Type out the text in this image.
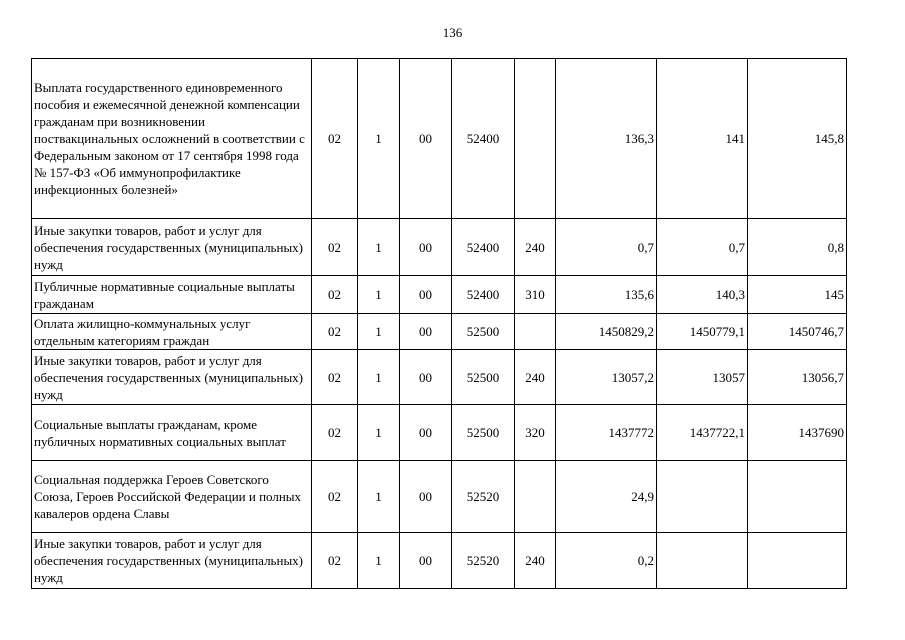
136
Выплата государственного единовременного пособия и ежемесячной денежной компенсации гражданам при возникновении поствакцинальных осложнений в соответствии с Федеральным законом от 17 сентября 1998 года № 157-ФЗ «Об иммунопрофилактике инфекционных болезней»	02	1	00	52400		136,3	141	145,8
Иные закупки товаров, работ и услуг для обеспечения государственных (муниципальных) нужд	02	1	00	52400	240	0,7	0,7	0,8
Публичные нормативные социальные выплаты гражданам	02	1	00	52400	310	135,6	140,3	145
Оплата жилищно-коммунальных услуг отдельным категориям граждан	02	1	00	52500		1450829,2	1450779,1	1450746,7
Иные закупки товаров, работ и услуг для обеспечения государственных (муниципальных) нужд	02	1	00	52500	240	13057,2	13057	13056,7
Социальные выплаты гражданам, кроме публичных нормативных социальных выплат	02	1	00	52500	320	1437772	1437722,1	1437690
Социальная поддержка Героев Советского Союза, Героев Российской Федерации и полных кавалеров ордена Славы	02	1	00	52520		24,9		
Иные закупки товаров, работ и услуг для обеспечения государственных (муниципальных) нужд	02	1	00	52520	240	0,2		
